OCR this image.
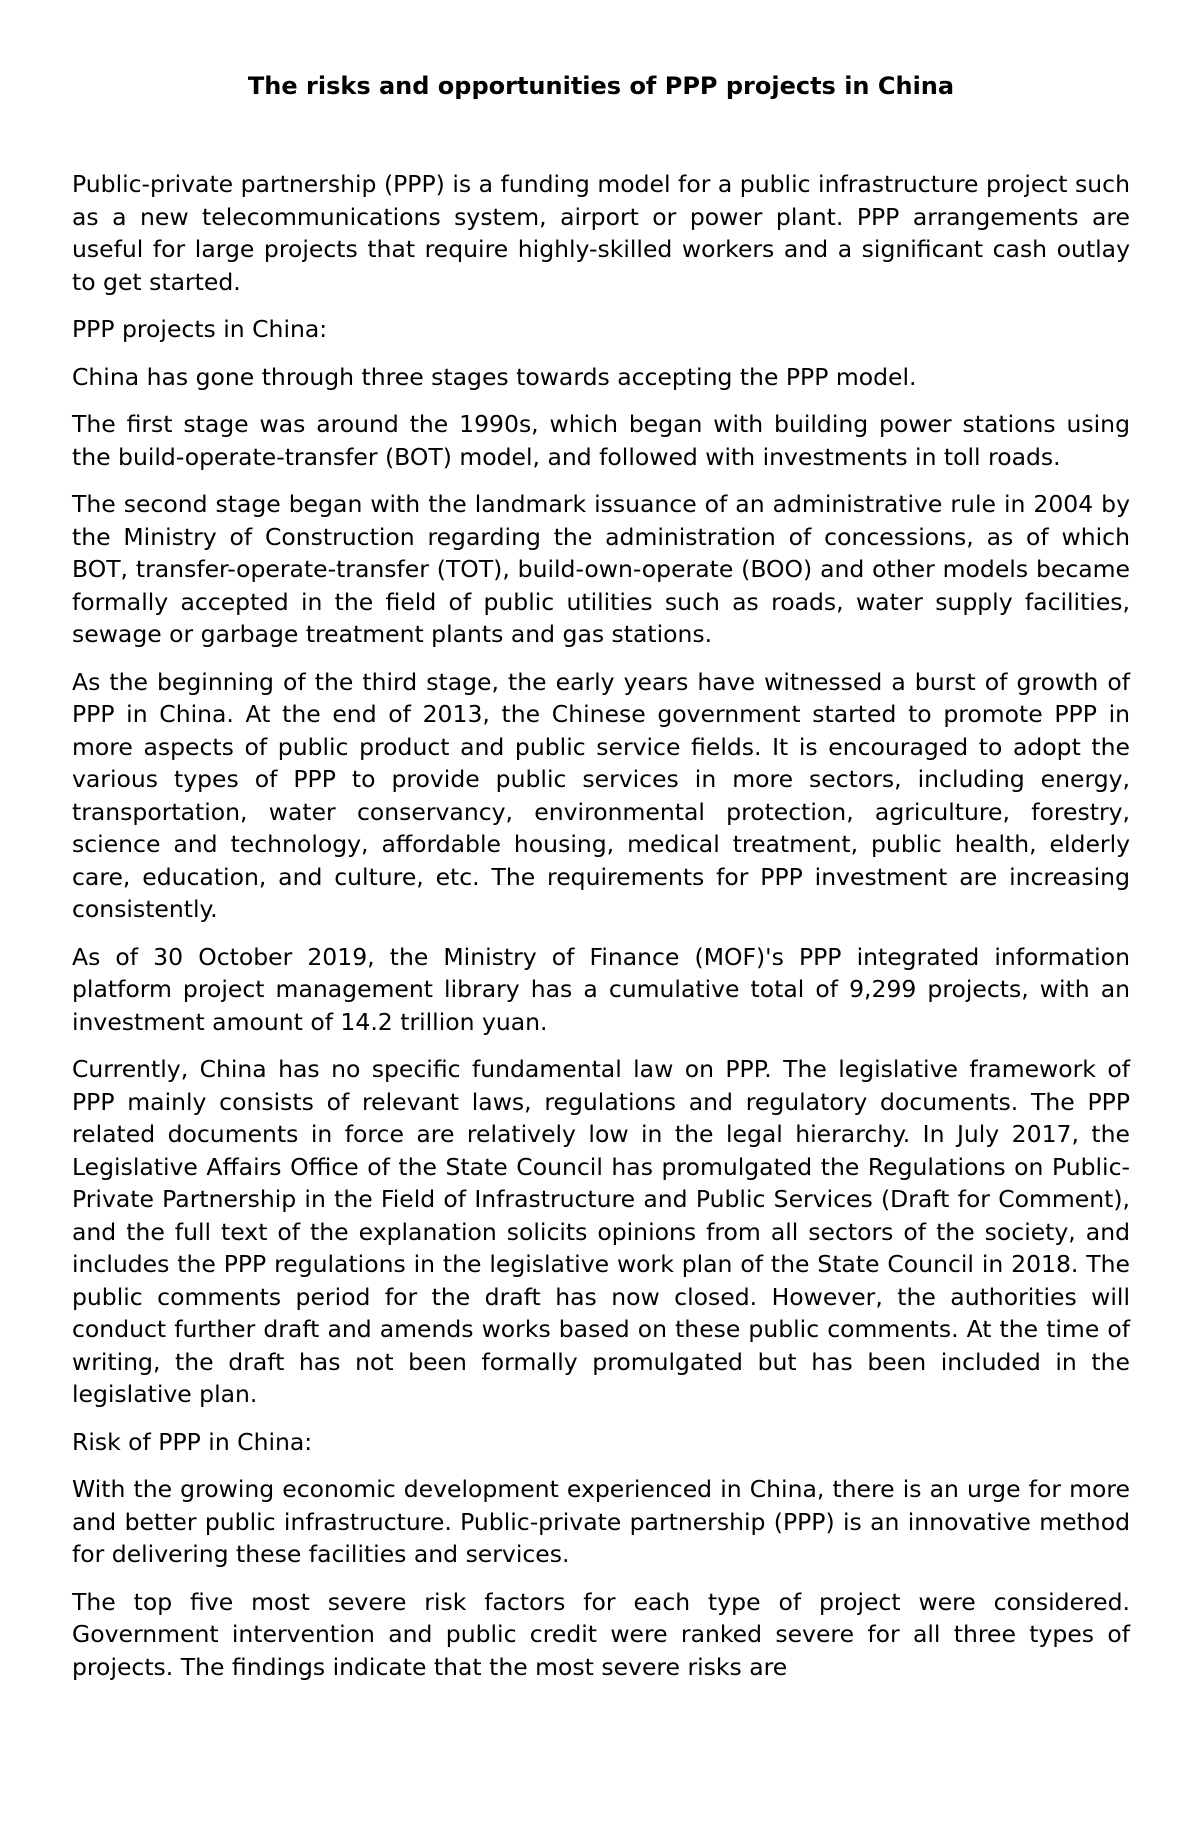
The risks and opportunities of PPP projects in China

Public-private partnership (PPP) is a funding model for a public infrastructure project such as a new telecommunications system, airport or power plant. PPP arrangements are useful for large projects that require highly-skilled workers and a significant cash outlay to get started.

PPP projects in China:

China has gone through three stages towards accepting the PPP model.

The first stage was around the 1990s, which began with building power stations using the build-operate-transfer (BOT) model, and followed with investments in toll roads.

The second stage began with the landmark issuance of an administrative rule in 2004 by the Ministry of Construction regarding the administration of concessions, as of which BOT, transfer-operate-transfer (TOT), build-own-operate (BOO) and other models became formally accepted in the field of public utilities such as roads, water supply facilities, sewage or garbage treatment plants and gas stations.

As the beginning of the third stage, the early years have witnessed a burst of growth of PPP in China. At the end of 2013, the Chinese government started to promote PPP in more aspects of public product and public service fields. It is encouraged to adopt the various types of PPP to provide public services in more sectors, including energy, transportation, water conservancy, environmental protection, agriculture, forestry, science and technology, affordable housing, medical treatment, public health, elderly care, education, and culture, etc. The requirements for PPP investment are increasing consistently.

As of 30 October 2019, the Ministry of Finance (MOF)'s PPP integrated information platform project management library has a cumulative total of 9,299 projects, with an investment amount of 14.2 trillion yuan.

Currently, China has no specific fundamental law on PPP. The legislative framework of PPP mainly consists of relevant laws, regulations and regulatory documents. The PPP related documents in force are relatively low in the legal hierarchy. In July 2017, the Legislative Affairs Office of the State Council has promulgated the Regulations on Public-Private Partnership in the Field of Infrastructure and Public Services (Draft for Comment), and the full text of the explanation solicits opinions from all sectors of the society, and includes the PPP regulations in the legislative work plan of the State Council in 2018. The public comments period for the draft has now closed. However, the authorities will conduct further draft and amends works based on these public comments. At the time of writing, the draft has not been formally promulgated but has been included in the legislative plan.

Risk of PPP in China:

With the growing economic development experienced in China, there is an urge for more and better public infrastructure. Public-private partnership (PPP) is an innovative method for delivering these facilities and services.

The top five most severe risk factors for each type of project were considered. Government intervention and public credit were ranked severe for all three types of projects. The findings indicate that the most severe risks are
